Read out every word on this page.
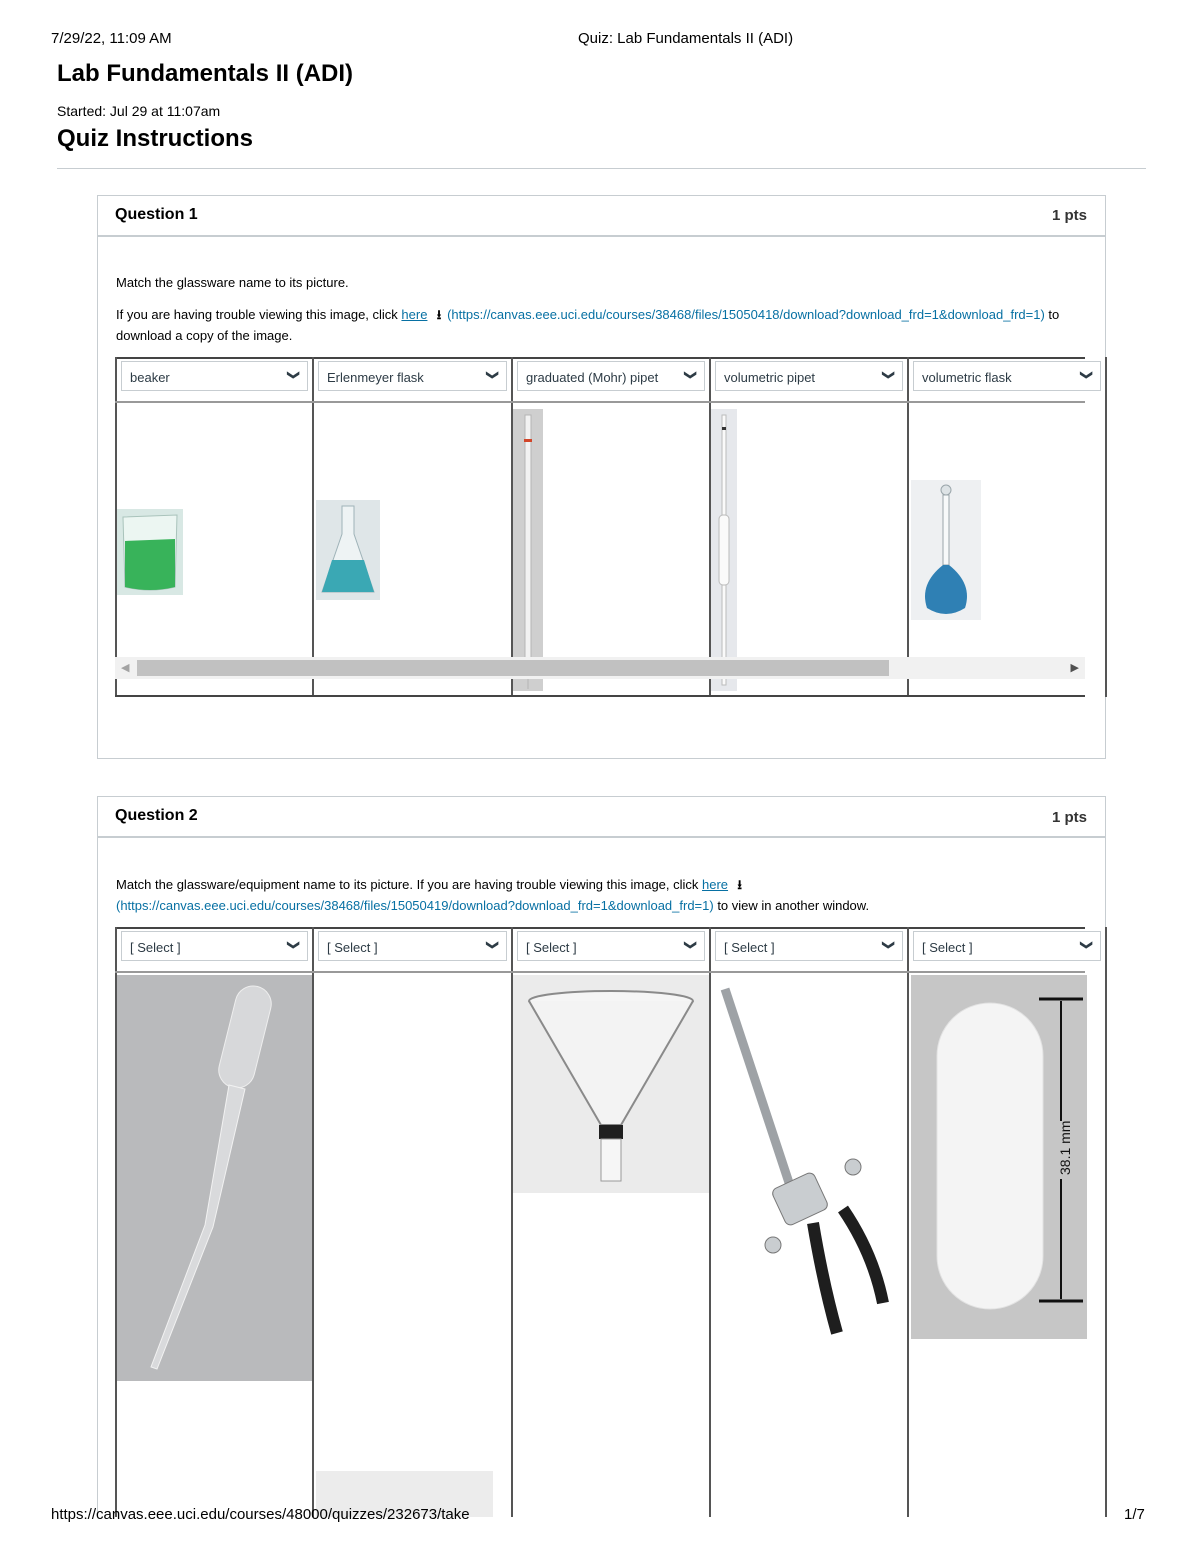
7/29/22, 11:09 AM	Quiz: Lab Fundamentals II (ADI)
Lab Fundamentals II (ADI)
Started: Jul 29 at 11:07am
Quiz Instructions
Question 1	1 pts
Match the glassware name to its picture.
If you are having trouble viewing this image, click here ⭳ (https://canvas.eee.uci.edu/courses/38468/files/15050418/download?download_frd=1&download_frd=1) to
download a copy of the image.
beaker	❯	Erlenmeyer flask	❯	graduated (Mohr) pipet ❯	volumetric pipet	❯	volumetric flask	❯
◀	▶
Question 2	1 pts
Match the glassware/equipment name to its picture. If you are having trouble viewing this image, click here ⭳
(https://canvas.eee.uci.edu/courses/38468/files/15050419/download?download_frd=1&download_frd=1) to view in another window.
[ Select ]	❯	[ Select ]	❯	[ Select ]	❯	[ Select ]	❯	[ Select ]	❯
38.1 mm
https://canvas.eee.uci.edu/courses/48000/quizzes/232673/take	1/7
